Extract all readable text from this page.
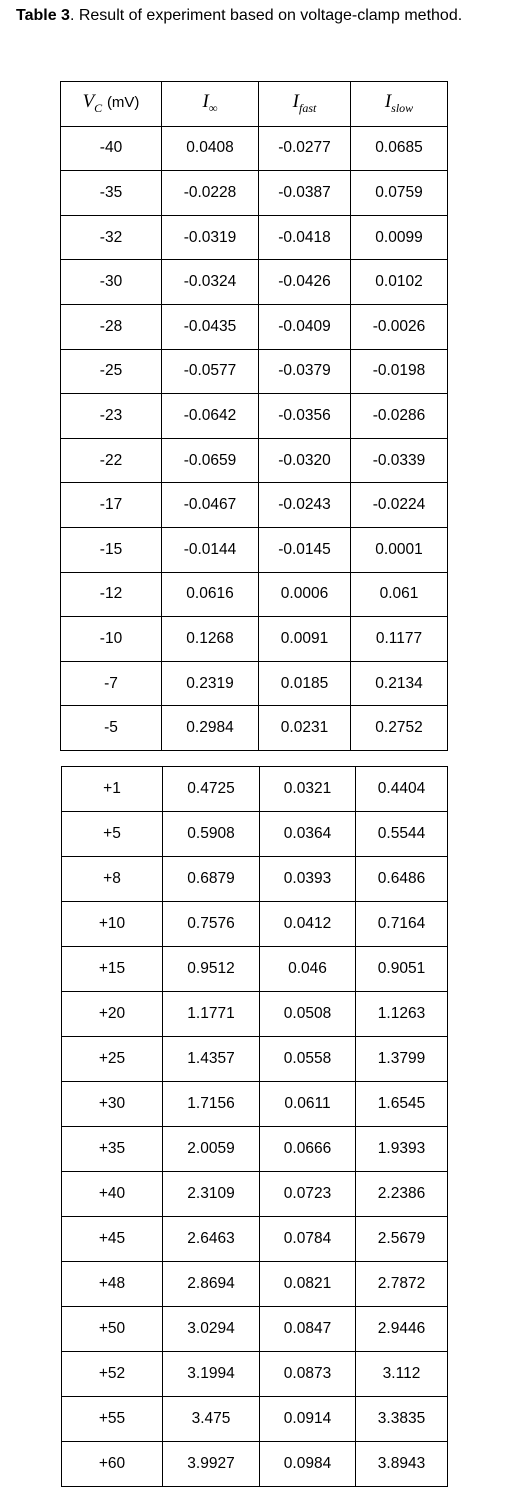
Table 3. Result of experiment based on voltage-clamp method.
$V_C$ (mV)	$I_\infty$	$I_{fast}$	$I_{slow}$
-40	0.0408	-0.0277	0.0685
-35	-0.0228	-0.0387	0.0759
-32	-0.0319	-0.0418	0.0099
-30	-0.0324	-0.0426	0.0102
-28	-0.0435	-0.0409	-0.0026
-25	-0.0577	-0.0379	-0.0198
-23	-0.0642	-0.0356	-0.0286
-22	-0.0659	-0.0320	-0.0339
-17	-0.0467	-0.0243	-0.0224
-15	-0.0144	-0.0145	0.0001
-12	0.0616	0.0006	0.061
-10	0.1268	0.0091	0.1177
-7	0.2319	0.0185	0.2134
-5	0.2984	0.0231	0.2752
+1	0.4725	0.0321	0.4404
+5	0.5908	0.0364	0.5544
+8	0.6879	0.0393	0.6486
+10	0.7576	0.0412	0.7164
+15	0.9512	0.046	0.9051
+20	1.1771	0.0508	1.1263
+25	1.4357	0.0558	1.3799
+30	1.7156	0.0611	1.6545
+35	2.0059	0.0666	1.9393
+40	2.3109	0.0723	2.2386
+45	2.6463	0.0784	2.5679
+48	2.8694	0.0821	2.7872
+50	3.0294	0.0847	2.9446
+52	3.1994	0.0873	3.112
+55	3.475	0.0914	3.3835
+60	3.9927	0.0984	3.8943
